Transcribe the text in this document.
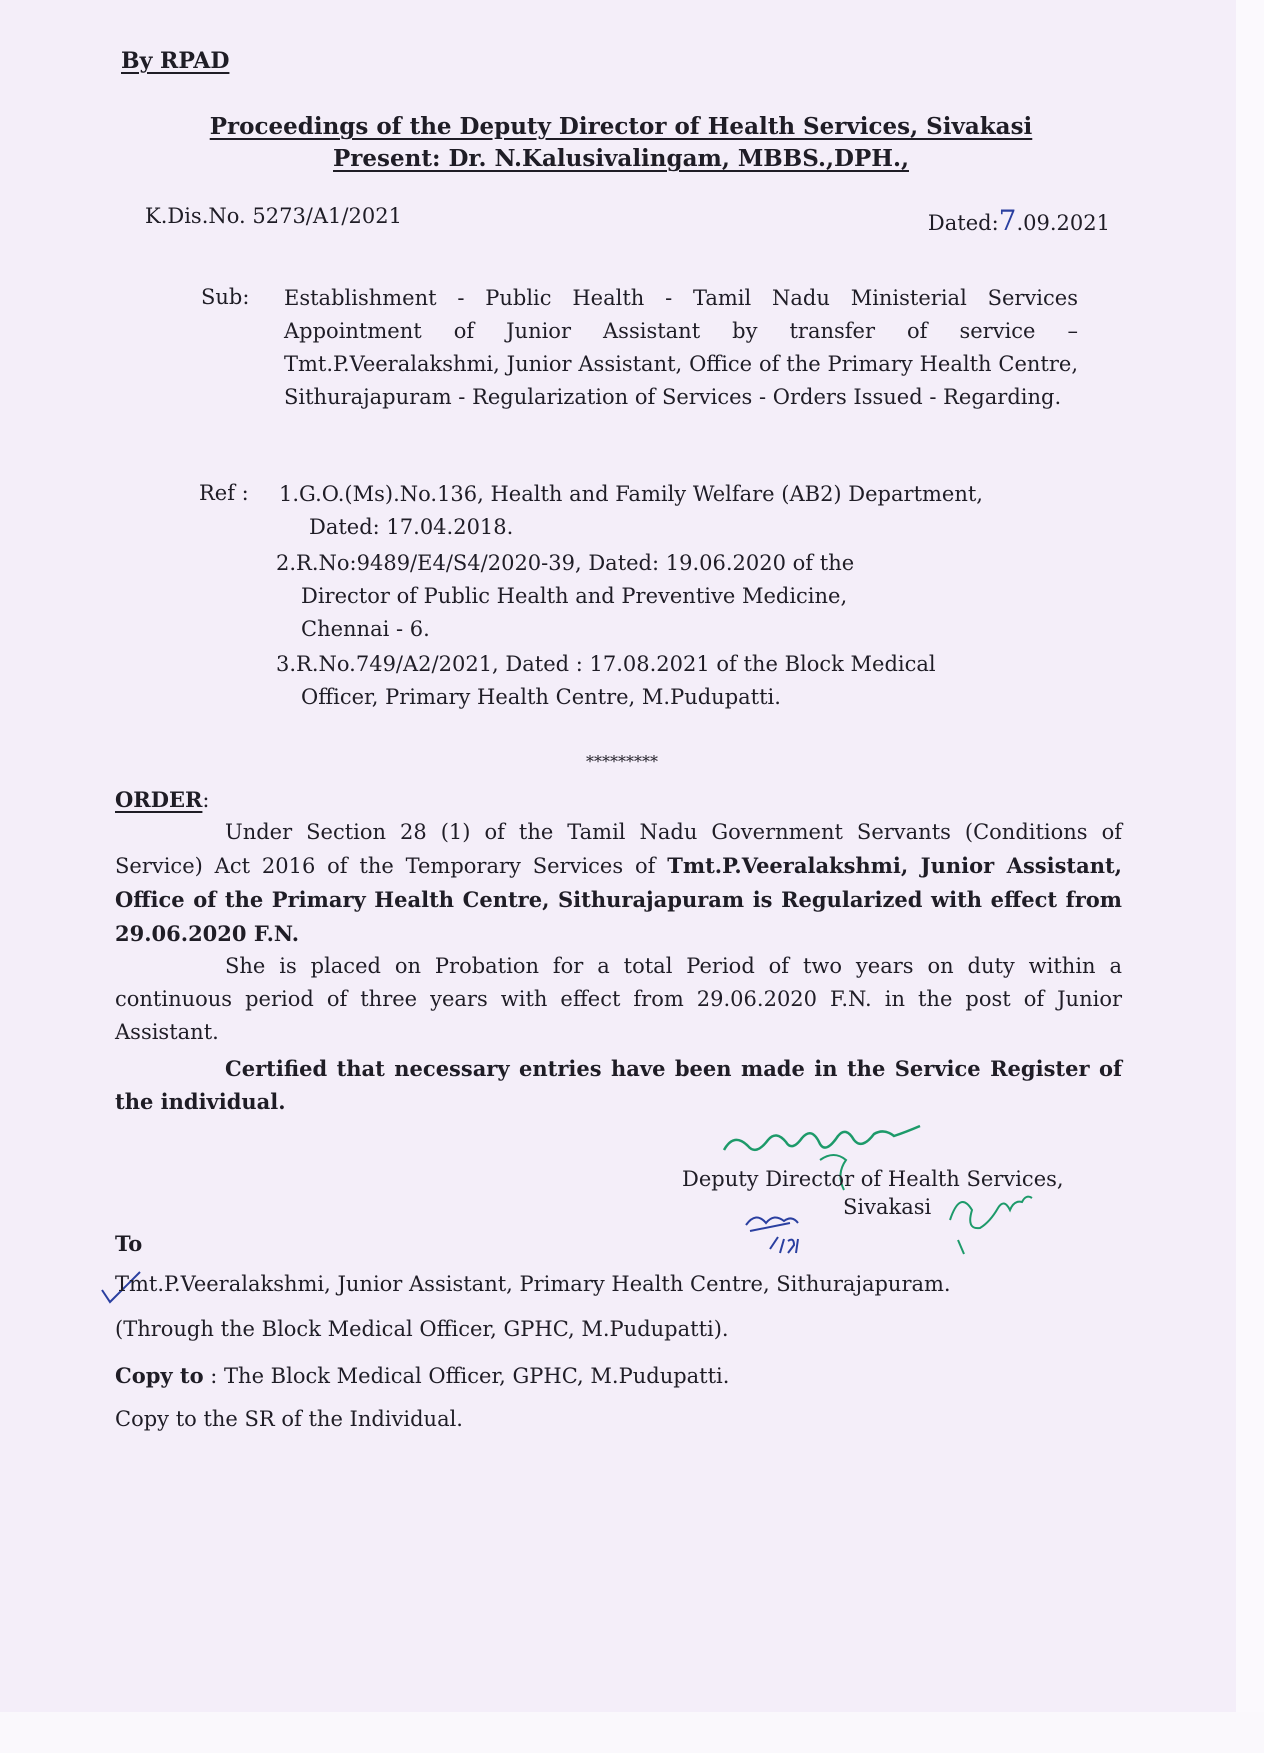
By RPAD
Proceedings of the Deputy Director of Health Services, Sivakasi
Present: Dr. N.Kalusivalingam, MBBS.,DPH.,
K.Dis.No. 5273/A1/2021	Dated:7.09.2021
Sub: Establishment - Public Health - Tamil Nadu Ministerial Services Appointment of Junior Assistant by transfer of service – Tmt.P.Veeralakshmi, Junior Assistant, Office of the Primary Health Centre, Sithurajapuram - Regularization of Services - Orders Issued - Regarding.
Ref : 1.G.O.(Ms).No.136, Health and Family Welfare (AB2) Department,
Dated: 17.04.2018.
2.R.No:9489/E4/S4/2020-39, Dated: 19.06.2020 of the
Director of Public Health and Preventive Medicine,
Chennai - 6.
3.R.No.749/A2/2021, Dated : 17.08.2021 of the Block Medical
Officer, Primary Health Centre, M.Pudupatti.
*********
ORDER:
Under Section 28 (1) of the Tamil Nadu Government Servants (Conditions of Service) Act 2016 of the Temporary Services of Tmt.P.Veeralakshmi, Junior Assistant, Office of the Primary Health Centre, Sithurajapuram is Regularized with effect from 29.06.2020 F.N.
She is placed on Probation for a total Period of two years on duty within a continuous period of three years with effect from 29.06.2020 F.N. in the post of Junior Assistant.
Certified that necessary entries have been made in the Service Register of the individual.
Deputy Director of Health Services,
Sivakasi
To
Tmt.P.Veeralakshmi, Junior Assistant, Primary Health Centre, Sithurajapuram.
(Through the Block Medical Officer, GPHC, M.Pudupatti).
Copy to : The Block Medical Officer, GPHC, M.Pudupatti.
Copy to the SR of the Individual.
